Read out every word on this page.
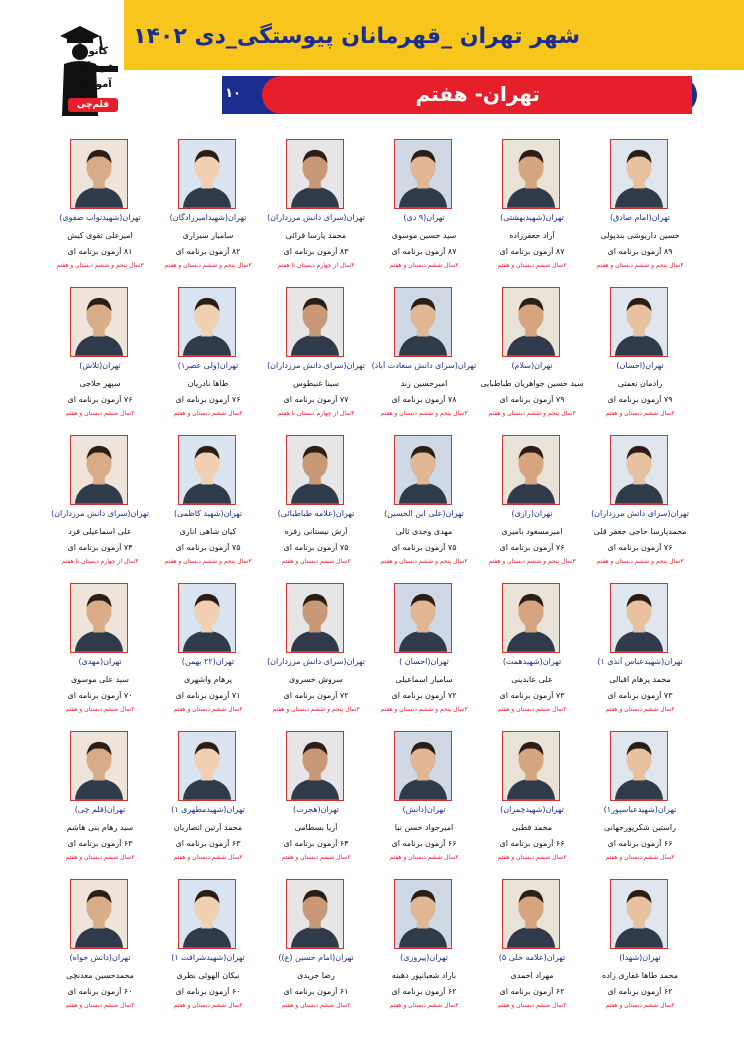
شهر تهران _قهرمانان پیوستگی_دی ۱۴۰۲
تهران- هفتم
۱۰
کانون
فرهنگی
آموزش
قلم‌چی
تهران(امام صادق)
حسین داریوشی بندپولی
۸۹ آزمون برنامه ای
۴سال پنجم و ششم دبستان و هفتم
تهران(شهیدبهشتی)
آراد جعفرزاده
۸۷ آزمون برنامه ای
۲سال ششم دبستان و هفتم
تهران(۹ دی)
سید حسین موسوی
۸۷ آزمون برنامه ای
۲سال ششم دبستان و هفتم
تهران(سرای دانش مرزداران)
محمد پارسا قرائی
۸۳ آزمون برنامه ای
۴سال از چهارم دبستان تا هفتم
تهران(شهیدامیرزادگان)
سامیار سبزاری
۸۲ آزمون برنامه ای
۳سال پنجم و ششم دبستان و هفتم
تهران(شهیدنواب صفوی)
امیرعلی تقوی کیش
۸۱ آزمون برنامه ای
۳سال پنجم و ششم دبستان و هفتم
تهران(احسان)
رادمان نعمتی
۷۹ آزمون برنامه ای
۲سال ششم دبستان و هفتم
تهران(سلام)
سید حسین جواهریان طباطبایی
۷۹ آزمون برنامه ای
۳سال پنجم و ششم دبستان و هفتم
تهران(سرای دانش سعادت آباد)
امیرحسین زند
۷۸ آزمون برنامه ای
۳سال پنجم و ششم دبستان و هفتم
تهران(سرای دانش مرزداران)
سینا غنیطوس
۷۷ آزمون برنامه ای
۴سال از چهارم دبستان تا هفتم
تهران(ولی عصر۱)
طاها نادریان
۷۶ آزمون برنامه ای
۲سال ششم دبستان و هفتم
تهران(تلاش)
سپهر حلاجی
۷۶ آزمون برنامه ای
۲سال ششم دبستان و هفتم
تهران(سرای دانش مرزداران)
محمدپارسا حاجی جعفر قلی
۷۶ آزمون برنامه ای
۳سال پنجم و ششم دبستان و هفتم
تهران(رازی)
امیرمسعود بامیری
۷۶ آزمون برنامه ای
۳سال پنجم و ششم دبستان و هفتم
تهران(علی ابن الحسین)
مهدی وجدی ثالی
۷۵ آزمون برنامه ای
۳سال پنجم و ششم دبستان و هفتم
تهران(علامه طباطبائی)
آرش نیستانی زفره
۷۵ آزمون برنامه ای
۲سال ششم دبستان و هفتم
تهران(شهید کاظمی)
کیان شاهی انارى
۷۵ آزمون برنامه ای
۳سال پنجم و ششم دبستان و هفتم
تهران(سرای دانش مرزداران)
علی اسماعیلی فرد
۷۴ آزمون برنامه ای
۴سال از چهارم دبستان تا هفتم
تهران(شهیدعباس آندی ۱)
محمد پرهام اقبالی
۷۳ آزمون برنامه ای
۲سال ششم دبستان و هفتم
تهران(شهیدهمت)
علی عابدینی
۷۳ آزمون برنامه ای
۲سال ششم دبستان و هفتم
تهران(احسان )
سامیار اسماعیلی
۷۲ آزمون برنامه ای
۳سال پنجم و ششم دبستان و هفتم
تهران(سرای دانش مرزداران)
سروش خسروی
۷۲ آزمون برنامه ای
۳سال پنجم و ششم دبستان و هفتم
تهران(۲۲ بهمن)
پرهام واشهری
۷۱ آزمون برنامه ای
۲سال ششم دبستان و هفتم
تهران(مهدی)
سید علی موسوی
۷۰ آزمون برنامه ای
۲سال ششم دبستان و هفتم
تهران(شهیدعباسپور۱)
راستین شکرپورجهانی
۶۶ آزمون برنامه ای
۲سال ششم دبستان و هفتم
تهران(شهیدچمران)
محمد قطبی
۶۶ آزمون برنامه ای
۲سال ششم دبستان و هفتم
تهران(دانش)
امیرجواد حسن نیا
۶۶ آزمون برنامه ای
۲سال ششم دبستان و هفتم
تهران(هجرت)
آریا بسطامی
۶۴ آزمون برنامه ای
۲سال ششم دبستان و هفتم
تهران(شهیدمطهری ۱)
محمد آرتین انصاریان
۶۳ آزمون برنامه ای
۲سال ششم دبستان و هفتم
تهران(قلم چی)
سید رهام بنی هاشم
۶۳ آزمون برنامه ای
۲سال ششم دبستان و هفتم
تهران(شهدا)
محمد طاها غفاری زاده
۶۲ آزمون برنامه ای
۲سال ششم دبستان و هفتم
تهران(علامه حلی ۵)
مهراد احمدی
۶۲ آزمون برنامه ای
۲سال ششم دبستان و هفتم
تهران(پیروزی)
باراد شعبانپور دهبنه
۶۲ آزمون برنامه ای
۲سال ششم دبستان و هفتم
تهران(امام حسین (ع))
رضا جریدی
۶۱ آزمون برنامه ای
۲سال ششم دبستان و هفتم
تهران(شهیدشرافت ۱)
نیکان الهوئی نظری
۶۰ آزمون برنامه ای
۲سال ششم دبستان و هفتم
تهران(دانش خواه)
محمدحسین معدنچی
۶۰ آزمون برنامه ای
۲سال ششم دبستان و هفتم
